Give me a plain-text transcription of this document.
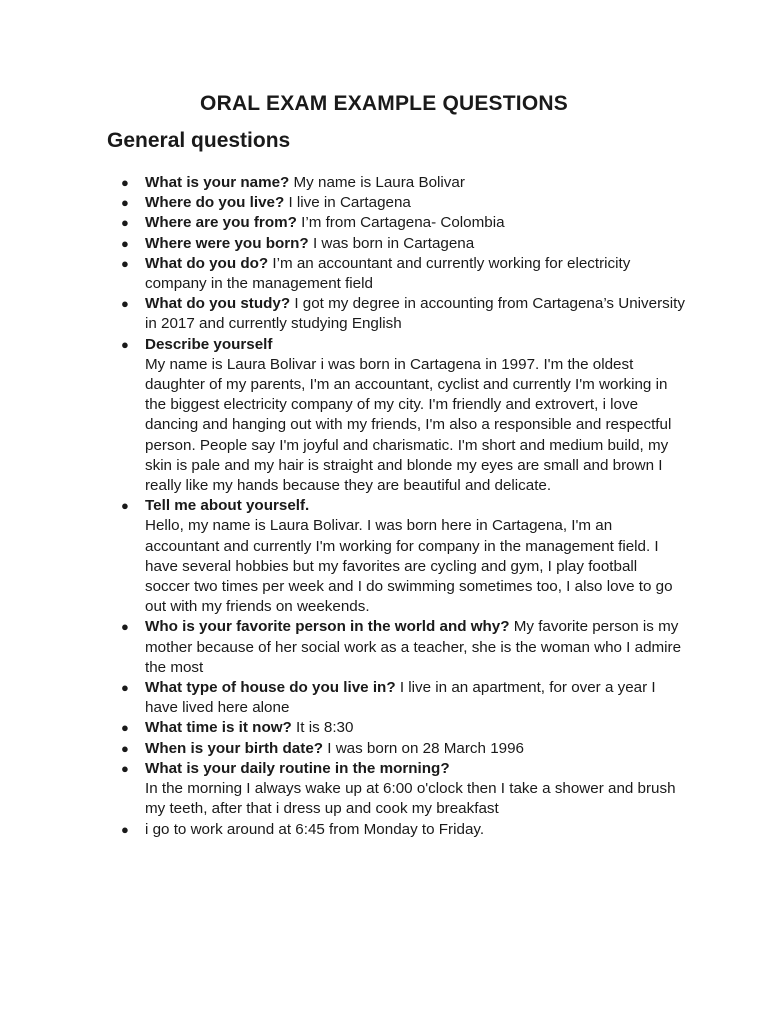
ORAL EXAM EXAMPLE QUESTIONS
General questions
● What is your name? My name is Laura Bolivar
● Where do you live? I live in Cartagena
● Where are you from? I’m from Cartagena- Colombia
● Where were you born? I was born in Cartagena
● What do you do? I’m an accountant and currently working for electricity company in the management field
● What do you study? I got my degree in accounting from Cartagena’s University in 2017 and currently studying English
● Describe yourself
My name is Laura Bolivar i was born in Cartagena in 1997. I'm the oldest daughter of my parents, I'm an accountant, cyclist and currently I'm working in the biggest electricity company of my city. I'm friendly and extrovert, i love dancing and hanging out with my friends, I'm also a responsible and respectful person. People say I'm joyful and charismatic. I'm short and medium build, my skin is pale and my hair is straight and blonde my eyes are small and brown I really like my hands because they are beautiful and delicate.
● Tell me about yourself.
Hello, my name is Laura Bolivar. I was born here in Cartagena, I'm an accountant and currently I'm working for company in the management field. I have several hobbies but my favorites are cycling and gym, I play football soccer two times per week and I do swimming sometimes too, I also love to go out with my friends on weekends.
● Who is your favorite person in the world and why? My favorite person is my mother because of her social work as a teacher, she is the woman who I admire the most
● What type of house do you live in? I live in an apartment, for over a year I have lived here alone
● What time is it now? It is 8:30
● When is your birth date? I was born on 28 March 1996
● What is your daily routine in the morning?
In the morning I always wake up at 6:00 o'clock then I take a shower and brush my teeth, after that i dress up and cook my breakfast
● i go to work around at 6:45 from Monday to Friday.
